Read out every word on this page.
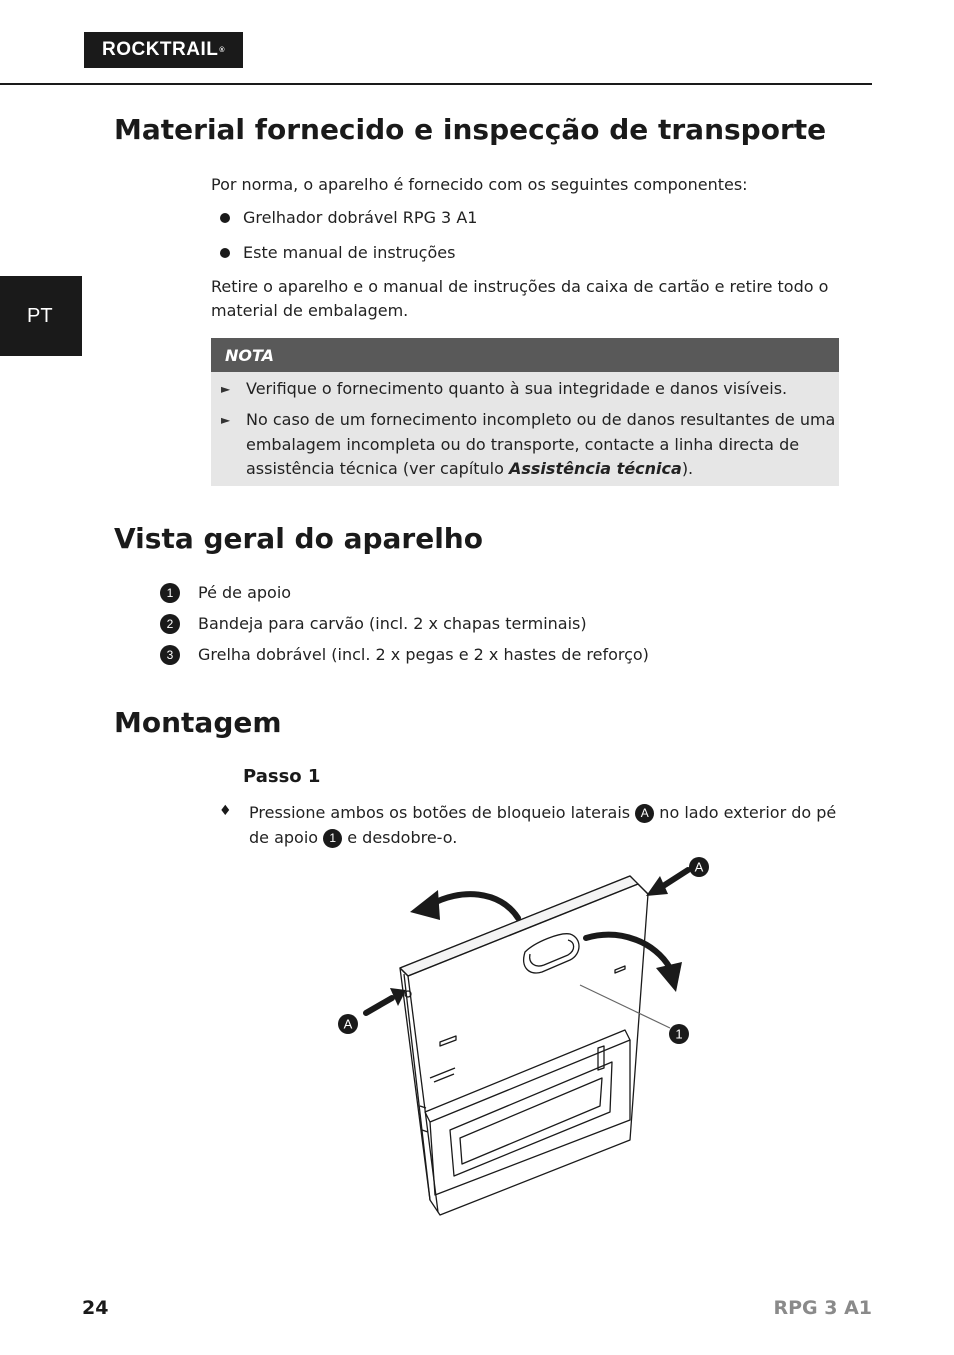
ROCKTRAIL ®
PT
Material fornecido e inspecção de transporte
Por norma, o aparelho é fornecido com os seguintes componentes:
Grelhador dobrável RPG 3 A1
Este manual de instruções
Retire o aparelho e o manual de instruções da caixa de cartão e retire todo o
material de embalagem.
NOTA
► Verifique o fornecimento quanto à sua integridade e danos visíveis.
► No caso de um fornecimento incompleto ou de danos resultantes de uma
embalagem incompleta ou do transporte, contacte a linha directa de
assistência técnica (ver capítulo Assistência técnica).
Vista geral do aparelho
1	Pé de apoio
2	Bandeja para carvão (incl. 2 x chapas terminais)
3	Grelha dobrável (incl. 2 x pegas e 2 x hastes de reforço)
Montagem
Passo 1
♦ Pressione ambos os botões de bloqueio laterais A no lado exterior do pé
de apoio 1 e desdobre-o.
A
A
1
24	RPG 3 A1
